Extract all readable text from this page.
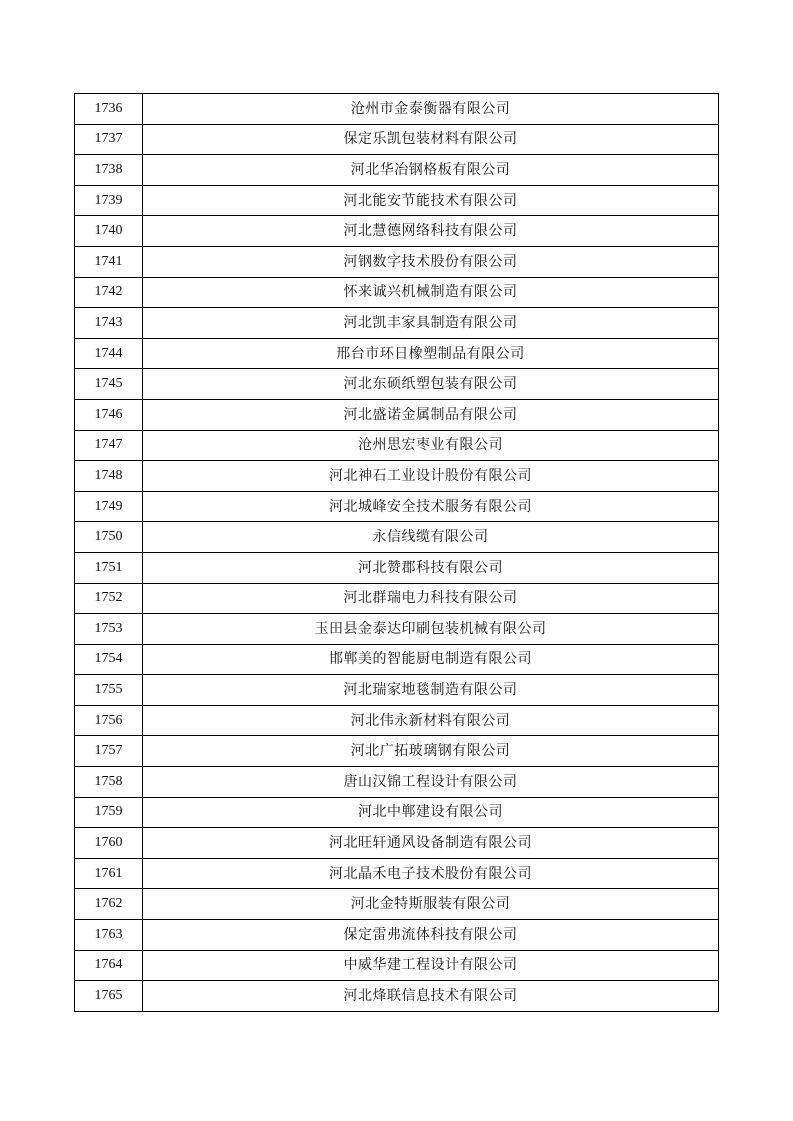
1736	沧州市金泰衡器有限公司
1737	保定乐凯包装材料有限公司
1738	河北华冶钢格板有限公司
1739	河北能安节能技术有限公司
1740	河北慧德网络科技有限公司
1741	河钢数字技术股份有限公司
1742	怀来诚兴机械制造有限公司
1743	河北凯丰家具制造有限公司
1744	邢台市环日橡塑制品有限公司
1745	河北东硕纸塑包装有限公司
1746	河北盛诺金属制品有限公司
1747	沧州思宏枣业有限公司
1748	河北神石工业设计股份有限公司
1749	河北城峰安全技术服务有限公司
1750	永信线缆有限公司
1751	河北赞郡科技有限公司
1752	河北群瑞电力科技有限公司
1753	玉田县金泰达印刷包装机械有限公司
1754	邯郸美的智能厨电制造有限公司
1755	河北瑞家地毯制造有限公司
1756	河北伟永新材料有限公司
1757	河北广拓玻璃钢有限公司
1758	唐山汉锦工程设计有限公司
1759	河北中郸建设有限公司
1760	河北旺轩通风设备制造有限公司
1761	河北晶禾电子技术股份有限公司
1762	河北金特斯服装有限公司
1763	保定雷弗流体科技有限公司
1764	中威华建工程设计有限公司
1765	河北烽联信息技术有限公司
